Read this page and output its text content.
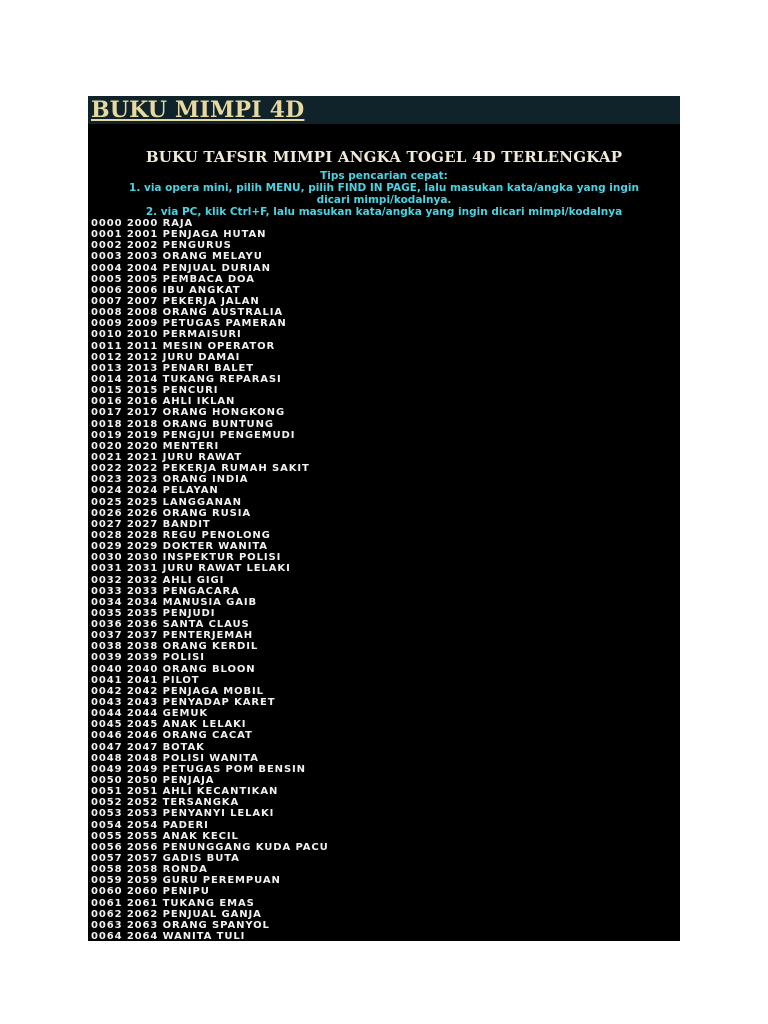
BUKU MIMPI 4D
BUKU TAFSIR MIMPI ANGKA TOGEL 4D TERLENGKAP
Tips pencarian cepat:
1. via opera mini, pilih MENU, pilih FIND IN PAGE, lalu masukan kata/angka yang ingin
dicari mimpi/kodalnya.
2. via PC, klik Ctrl+F, lalu masukan kata/angka yang ingin dicari mimpi/kodalnya
0000 2000 RAJA
0001 2001 PENJAGA HUTAN
0002 2002 PENGURUS
0003 2003 ORANG MELAYU
0004 2004 PENJUAL DURIAN
0005 2005 PEMBACA DOA
0006 2006 IBU ANGKAT
0007 2007 PEKERJA JALAN
0008 2008 ORANG AUSTRALIA
0009 2009 PETUGAS PAMERAN
0010 2010 PERMAISURI
0011 2011 MESIN OPERATOR
0012 2012 JURU DAMAI
0013 2013 PENARI BALET
0014 2014 TUKANG REPARASI
0015 2015 PENCURI
0016 2016 AHLI IKLAN
0017 2017 ORANG HONGKONG
0018 2018 ORANG BUNTUNG
0019 2019 PENGJUI PENGEMUDI
0020 2020 MENTERI
0021 2021 JURU RAWAT
0022 2022 PEKERJA RUMAH SAKIT
0023 2023 ORANG INDIA
0024 2024 PELAYAN
0025 2025 LANGGANAN
0026 2026 ORANG RUSIA
0027 2027 BANDIT
0028 2028 REGU PENOLONG
0029 2029 DOKTER WANITA
0030 2030 INSPEKTUR POLISI
0031 2031 JURU RAWAT LELAKI
0032 2032 AHLI GIGI
0033 2033 PENGACARA
0034 2034 MANUSIA GAIB
0035 2035 PENJUDI
0036 2036 SANTA CLAUS
0037 2037 PENTERJEMAH
0038 2038 ORANG KERDIL
0039 2039 POLISI
0040 2040 ORANG BLOON
0041 2041 PILOT
0042 2042 PENJAGA MOBIL
0043 2043 PENYADAP KARET
0044 2044 GEMUK
0045 2045 ANAK LELAKI
0046 2046 ORANG CACAT
0047 2047 BOTAK
0048 2048 POLISI WANITA
0049 2049 PETUGAS POM BENSIN
0050 2050 PENJAJA
0051 2051 AHLI KECANTIKAN
0052 2052 TERSANGKA
0053 2053 PENYANYI LELAKI
0054 2054 PADERI
0055 2055 ANAK KECIL
0056 2056 PENUNGGANG KUDA PACU
0057 2057 GADIS BUTA
0058 2058 RONDA
0059 2059 GURU PEREMPUAN
0060 2060 PENIPU
0061 2061 TUKANG EMAS
0062 2062 PENJUAL GANJA
0063 2063 ORANG SPANYOL
0064 2064 WANITA TULI
